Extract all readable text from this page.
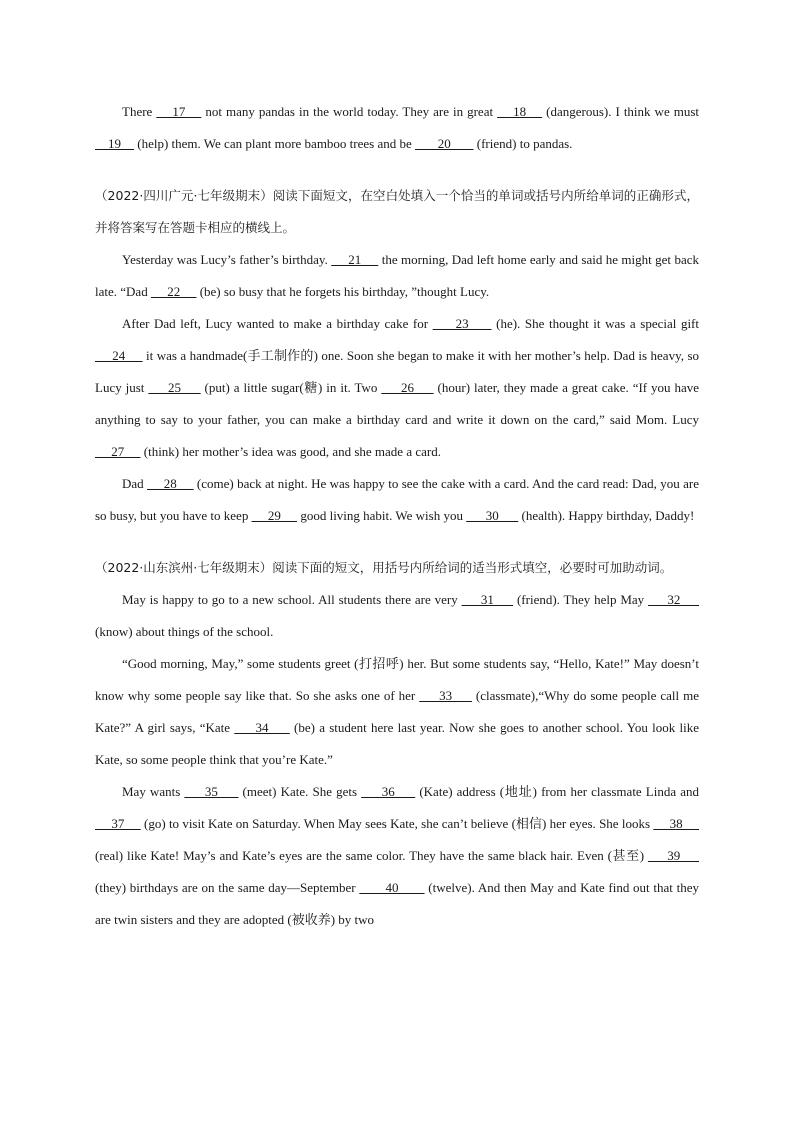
There     17     not many pandas in the world today. They are in great     18     (dangerous). I think we must     19     (help) them. We can plant more bamboo trees and be        20        (friend) to pandas.

（2022·四川广元·七年级期末）阅读下面短文，在空白处填入一个恰当的单词或括号内所给单词的正确形式，并将答案写在答题卡相应的横线上。

Yesterday was Lucy’s father’s birthday.      21      the morning, Dad left home early and said he might get back late. “Dad      22      (be) so busy that he forgets his birthday, ”thought Lucy.

After Dad left, Lucy wanted to make a birthday cake for      23      (he). She thought it was a special gift      24      it was a handmade(手工制作的) one. Soon she began to make it with her mother’s help. Dad is heavy, so Lucy just      25      (put) a little sugar(糖) in it. Two      26      (hour) later, they made a great cake. “If you have anything to say to your father, you can make a birthday card and write it down on the card,” said Mom. Lucy      27      (think) her mother’s idea was good, and she made a card.

Dad      28      (come) back at night. He was happy to see the cake with a card. And the card read: Dad, you are so busy, but you have to keep      29      good living habit. We wish you       30       (health). Happy birthday, Daddy!

（2022·山东滨州·七年级期末）阅读下面的短文，用括号内所给词的适当形式填空，必要时可加助动词。

May is happy to go to a new school. All students there are very      31      (friend). They help May      32      (know) about things of the school.

“Good morning, May,” some students greet (打招呼) her. But some students say, “Hello, Kate!” May doesn’t know why some people say like that. So she asks one of her      33      (classmate),“Why do some people call me Kate?” A girl says, “Kate      34      (be) a student here last year. Now she goes to another school. You look like Kate, so some people think that you’re Kate.”

May wants      35      (meet) Kate. She gets      36      (Kate) address (地址) from her classmate Linda and      37      (go) to visit Kate on Saturday. When May sees Kate, she can’t believe (相信) her eyes. She looks      38      (real) like Kate! May’s and Kate’s eyes are the same color. They have the same black hair. Even (甚至)      39      (they) birthdays are on the same day—September        40        (twelve). And then May and Kate find out that they are twin sisters and they are adopted (被收养) by two
